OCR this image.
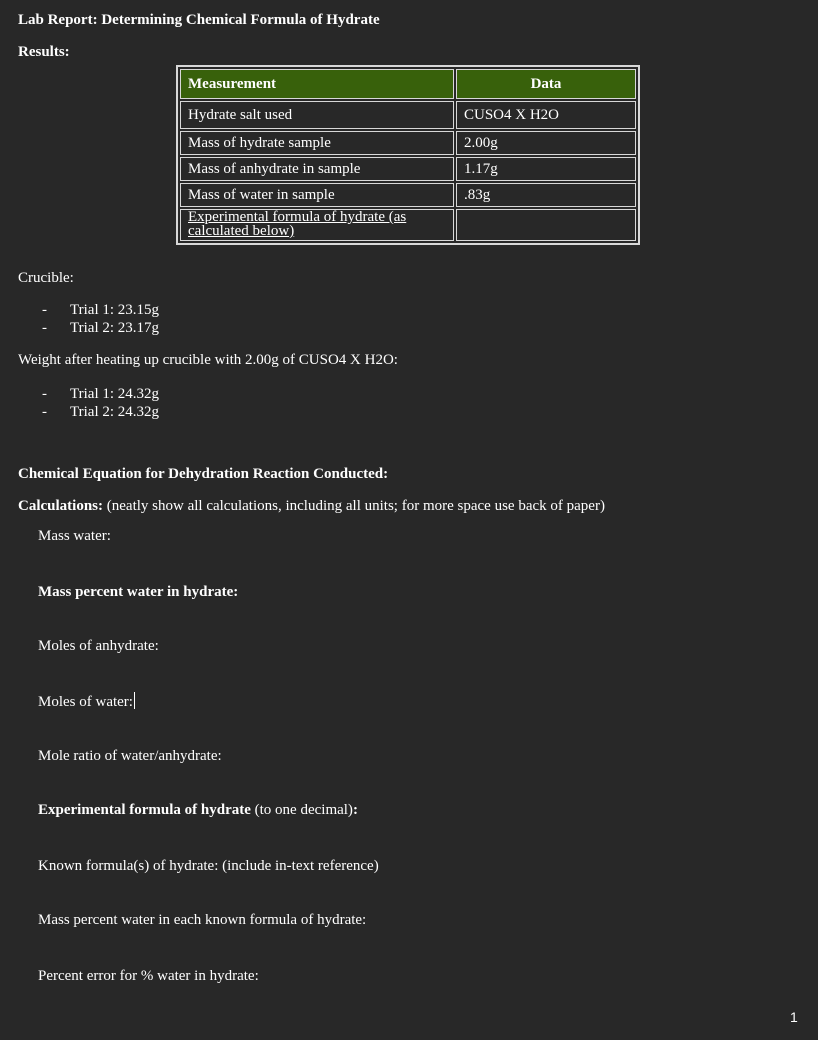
Lab Report: Determining Chemical Formula of Hydrate
Results:
Measurement	Data
Hydrate salt used	CUSO4 X H2O
Mass of hydrate sample	2.00g
Mass of anhydrate in sample	1.17g
Mass of water in sample	.83g
Experimental formula of hydrate (as calculated below)	
Crucible:
- Trial 1: 23.15g
- Trial 2: 23.17g
Weight after heating up crucible with 2.00g of CUSO4 X H2O:
- Trial 1: 24.32g
- Trial 2: 24.32g
Chemical Equation for Dehydration Reaction Conducted:
Calculations: (neatly show all calculations, including all units; for more space use back of paper)
Mass water:
Mass percent water in hydrate:
Moles of anhydrate:
Moles of water:
Mole ratio of water/anhydrate:
Experimental formula of hydrate (to one decimal):
Known formula(s) of hydrate: (include in-text reference)
Mass percent water in each known formula of hydrate:
Percent error for % water in hydrate:
1
